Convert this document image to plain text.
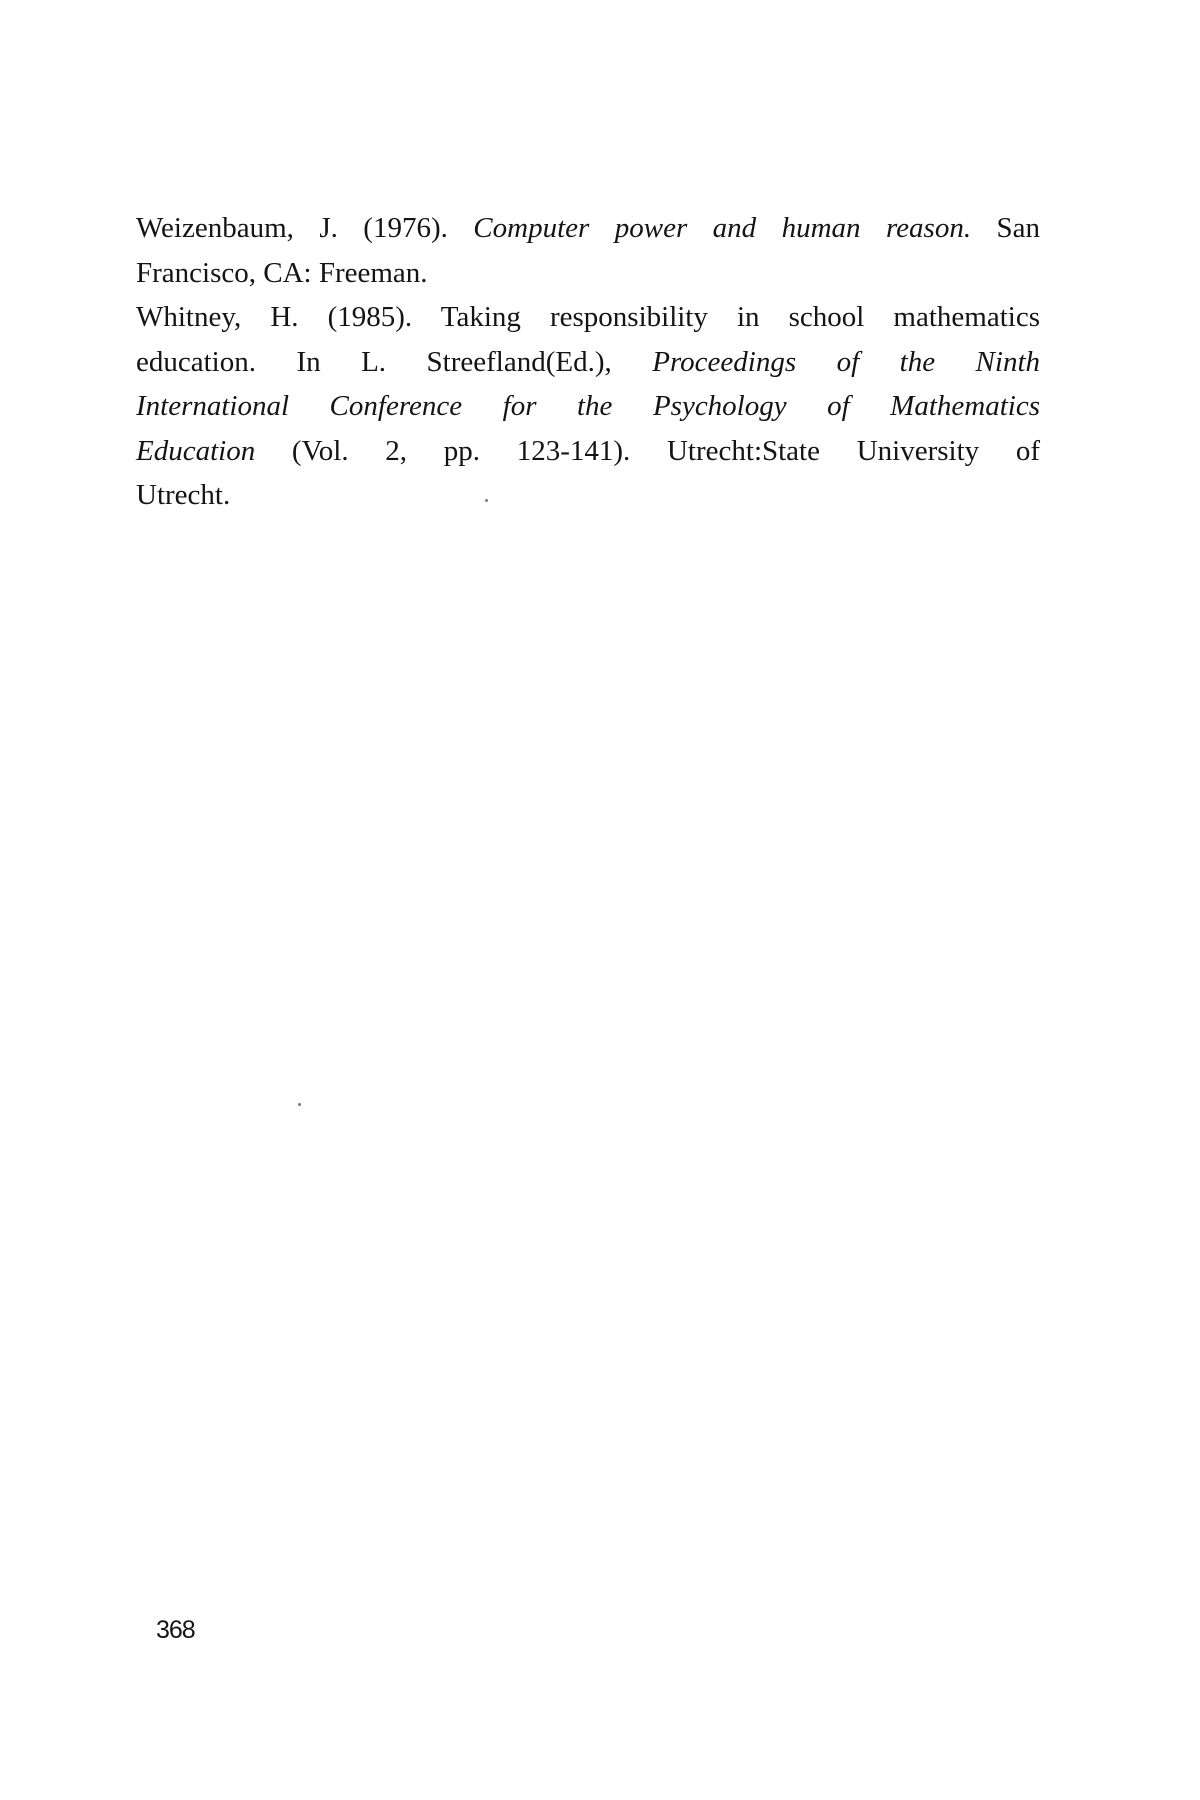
Weizenbaum, J. (1976). Computer power and human reason. San
Francisco, CA: Freeman.

Whitney, H. (1985). Taking responsibility in school mathematics
education. In L. Streefland(Ed.), Proceedings of the Ninth
International Conference for the Psychology of Mathematics
Education (Vol. 2, pp. 123-141). Utrecht:State University of
Utrecht.

368
